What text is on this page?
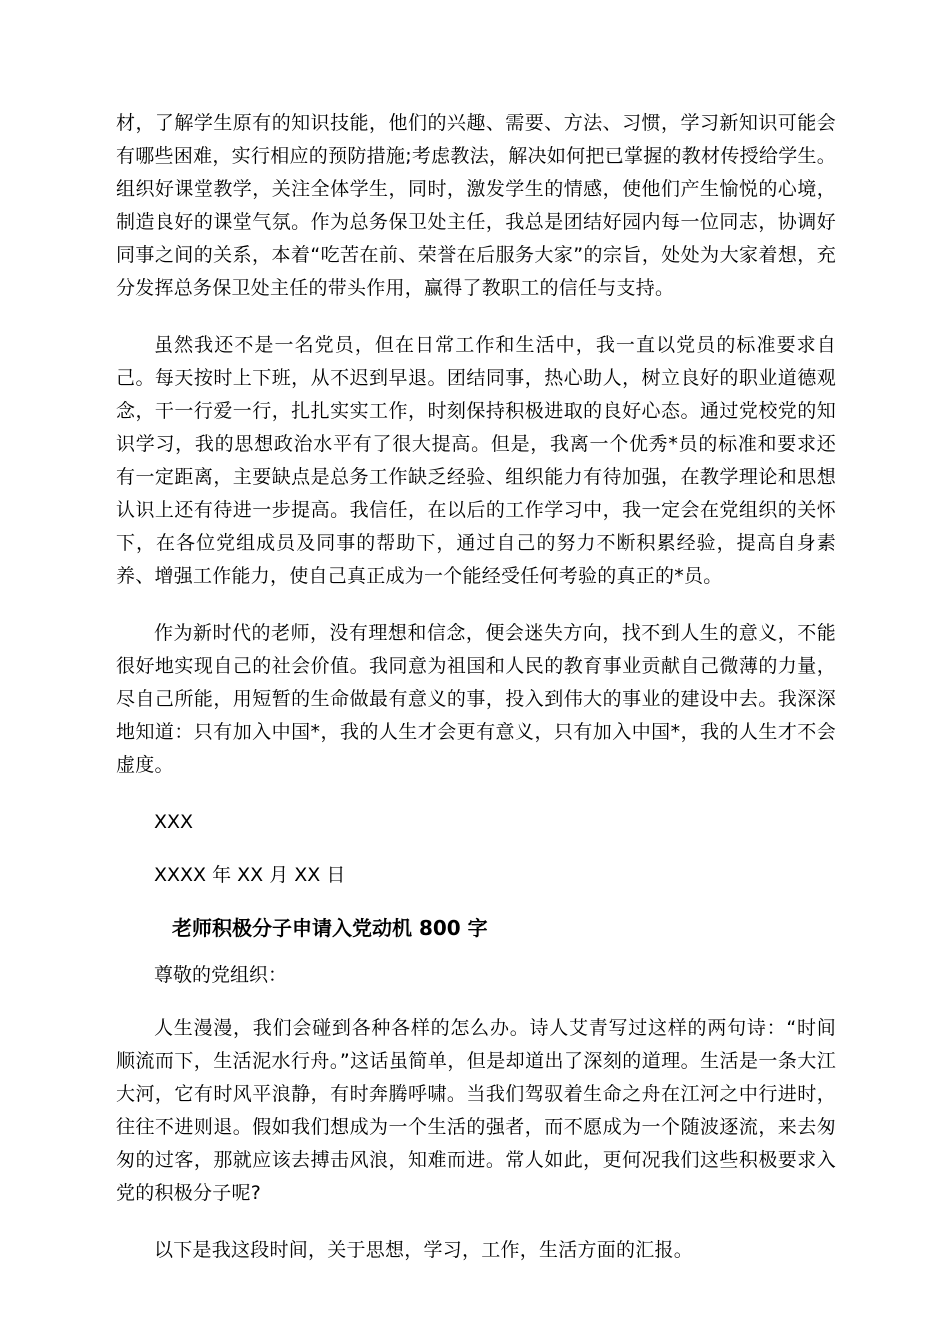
材，了解学生原有的知识技能，他们的兴趣、需要、方法、习惯，学习新知识可能会有哪些困难，实行相应的预防措施;考虑教法，解决如何把已掌握的教材传授给学生。组织好课堂教学，关注全体学生，同时，激发学生的情感，使他们产生愉悦的心境，制造良好的课堂气氛。作为总务保卫处主任，我总是团结好园内每一位同志，协调好同事之间的关系，本着“吃苦在前、荣誉在后服务大家”的宗旨，处处为大家着想，充分发挥总务保卫处主任的带头作用，赢得了教职工的信任与支持。

虽然我还不是一名党员，但在日常工作和生活中，我一直以党员的标准要求自己。每天按时上下班，从不迟到早退。团结同事，热心助人，树立良好的职业道德观念，干一行爱一行，扎扎实实工作，时刻保持积极进取的良好心态。通过党校党的知识学习，我的思想政治水平有了很大提高。但是，我离一个优秀*员的标准和要求还有一定距离，主要缺点是总务工作缺乏经验、组织能力有待加强，在教学理论和思想认识上还有待进一步提高。我信任，在以后的工作学习中，我一定会在党组织的关怀下，在各位党组成员及同事的帮助下，通过自己的努力不断积累经验，提高自身素养、增强工作能力，使自己真正成为一个能经受任何考验的真正的*员。

作为新时代的老师，没有理想和信念，便会迷失方向，找不到人生的意义，不能很好地实现自己的社会价值。我同意为祖国和人民的教育事业贡献自己微薄的力量，尽自己所能，用短暂的生命做最有意义的事，投入到伟大的事业的建设中去。我深深地知道：只有加入中国*，我的人生才会更有意义，只有加入中国*，我的人生才不会虚度。

XXX

XXXX 年 XX 月 XX 日

老师积极分子申请入党动机 800 字

尊敬的党组织：

人生漫漫，我们会碰到各种各样的怎么办。诗人艾青写过这样的两句诗：“时间顺流而下，生活泥水行舟。”这话虽简单，但是却道出了深刻的道理。生活是一条大江大河，它有时风平浪静，有时奔腾呼啸。当我们驾驭着生命之舟在江河之中行进时，往往不进则退。假如我们想成为一个生活的强者，而不愿成为一个随波逐流，来去匆匆的过客，那就应该去搏击风浪，知难而进。常人如此，更何况我们这些积极要求入党的积极分子呢?

以下是我这段时间，关于思想，学习，工作，生活方面的汇报。
